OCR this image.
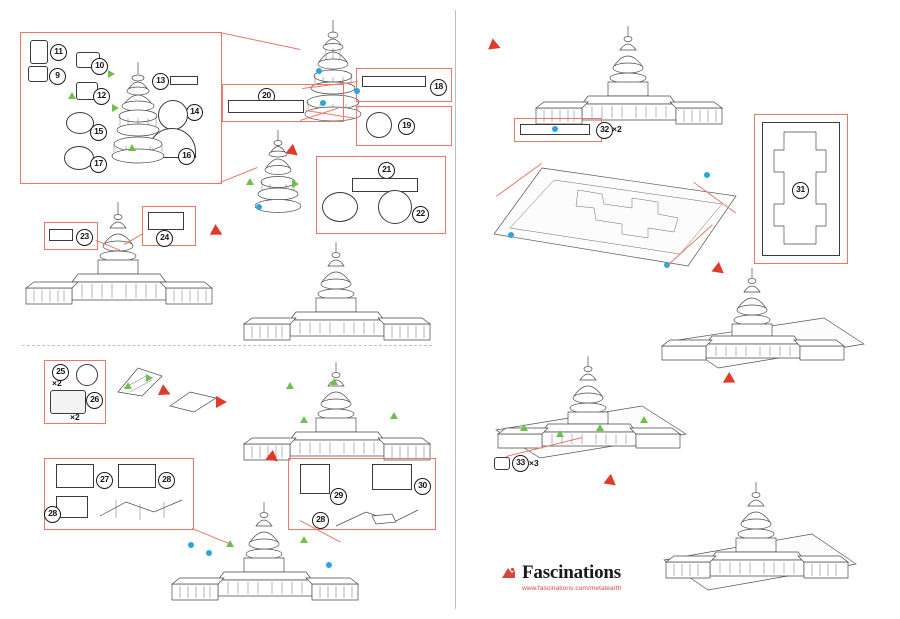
11
9
10
12
13
14
15
16
17
20
18
19
21
22
23	24
25
×2
26
×2
27	28
28
29
30
28
32 ×2
31
33 ×3
Fascinations
www.fascinations.com/metalearth
